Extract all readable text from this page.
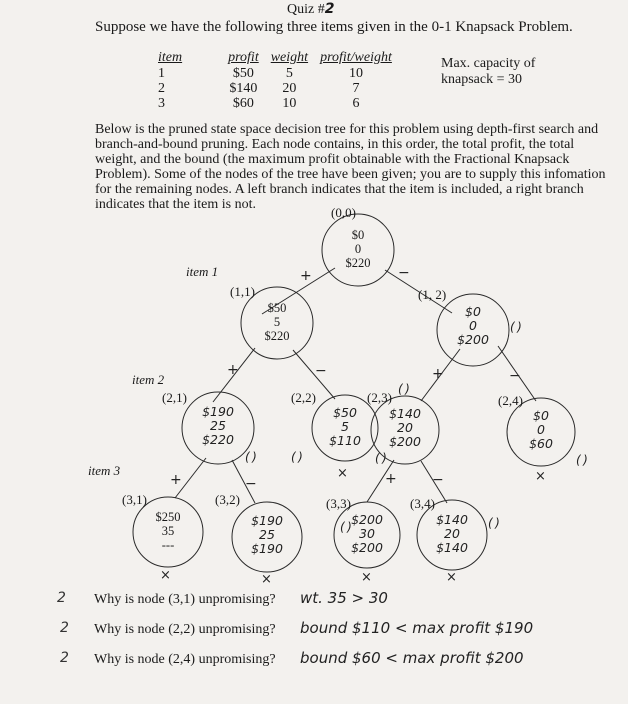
Quiz #2
Suppose we have the following three items given in the 0-1 Knapsack Problem.
item	profit	weight	profit/weight
1	$50	5	10
2	$140	20	7
3	$60	10	6
Max. capacity of knapsack = 30
Below is the pruned state space decision tree for this problem using depth-first search and branch-and-bound pruning. Each node contains, in this order, the total profit, the total weight, and the bound (the maximum profit obtainable with the Fractional Knapsack Problem). Some of the nodes of the tree have been given; you are to supply this infomation for the remaining nodes. A left branch indicates that the item is included, a right branch indicates that the item is not.
item 1
item 2
item 3
(0,0)
(1,1)	(1, 2)
(2,1)	(2,2)	(2,3)	(2,4)
(3,1)	(3,2)	(3,3)	(3,4)
$0
0
$220
$50
5
$220
$0
0
$200
$190
25
$220
$50
5
$110
$140
20
$200
$0
0
$60
$250
35
---
$190
25
$190
$200
30
$200
$140
20
$140
+	−
+	−	+	−
+	−	+	−
( )
( )
( )	( )	( )	( )
( )	( )
×	×
×	×	×	×
2 Why is node (3,1) unpromising? wt. 35 > 30
2 Why is node (2,2) unpromising? bound $110 < max profit $190
2 Why is node (2,4) unpromising? bound $60 < max profit $200
